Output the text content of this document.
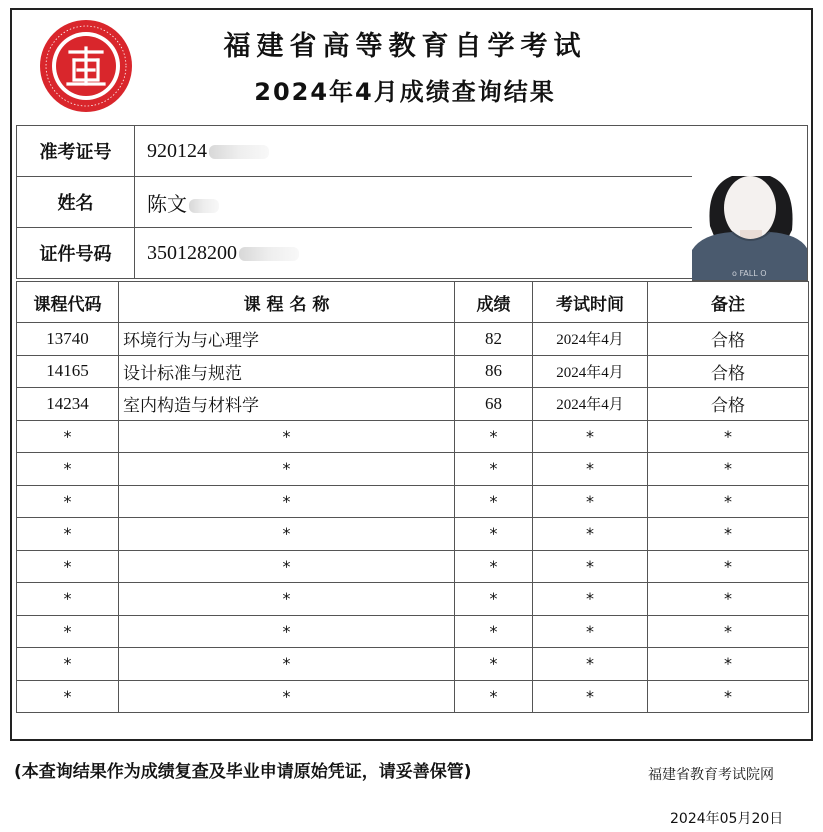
福建省高等教育自学考试
2024年4月成绩查询结果
准考证号	920124
姓名	陈文
证件号码	350128200
o FALL O
课程代码	课 程 名 称	成绩	考试时间	备注
13740	环境行为与心理学	82	2024年4月	合格
14165	设计标准与规范	86	2024年4月	合格
14234	室内构造与材料学	68	2024年4月	合格
*	*	*	*	*
*	*	*	*	*
*	*	*	*	*
*	*	*	*	*
*	*	*	*	*
*	*	*	*	*
*	*	*	*	*
*	*	*	*	*
*	*	*	*	*
(本查询结果作为成绩复查及毕业申请原始凭证，请妥善保管)	福建省教育考试院网
2024年05月20日
